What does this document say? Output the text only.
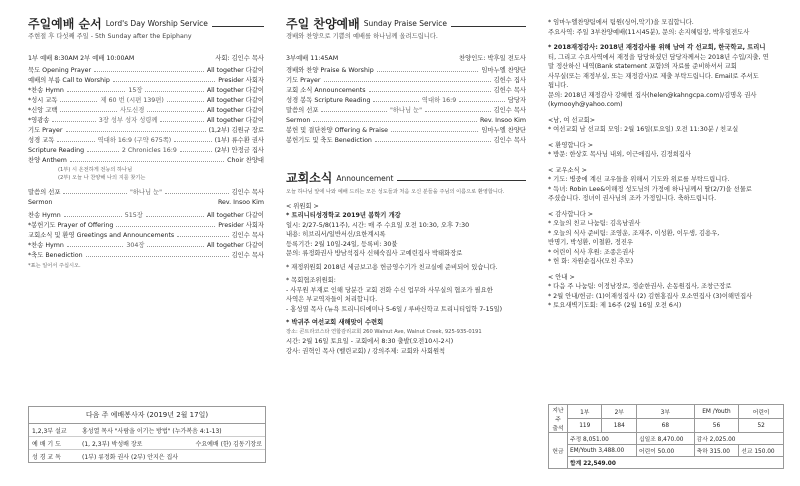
주일예배 순서 Lord's Day Worship Service
주현절 후 다섯째 주일 - 5th Sunday after the Epiphany
1부 예배 8:30AM 2부 예배 10:00AM	사회: 김인수 목사
묵도 Opening Prayer	All together 다같이
예배의 부름 Call to Worship	Presider 사회자
*찬송 Hymn	15장	All together 다같이
*성시 교독	제 60 번 (시편 139편)	All together 다같이
*신앙 고백	사도신경	All together 다같이
*영광송	3장 성부 성자 성령께	All together 다같이
기도 Prayer	(1,2부) 김원규 장로
성경 교독	역대하 16:9 (구약 675쪽)	(1부) 류수환 권사
Scripture Reading	2 Chronicles 16:9	(2부) 안정금 집사
찬양 Anthem	Choir 찬양대
(1부) 시 온전하게 전능의 하나님
(2부) 오늘 나 찬양해 나의 지를 찾기는
말씀의 선포	"하나님 눈"	김인수 목사
Sermon	Rev. Insoo Kim
찬송 Hymn	515장	All together 다같이
*봉헌기도 Prayer of Offering	Presider 사회자
교회소식 및 환영 Greetings and Announcements	김인수 목사
*찬송 Hymn	304장	All together 다같이
*축도 Benediction	김인수 목사
*표는 일어서 주십시오.
다음 주 예배봉사자 (2019년 2월 17일)
1,2,3부 설교	홍성열 목사 "사람을 이기는 방법" (누가복음 4:1-13)
예 배 기 도	(1, 2,3부) 박성배 장로	수요예배 (한) 김동기장로
성 경 교 독	(1부) 류정화 권사 (2부) 안지은 집사
주일 찬양예배 Sunday Praise Service
경배와 찬양으로 기쁨의 예배를 하나님께 올려드립니다.
3부예배 11:45AM	찬양인도: 박후일 전도사
경배와 찬양 Praise & Worship	임마누엘 찬양단
기도 Prayer	김헌수 집사
교회 소식 Announcements	김헌수 목사
성경 봉독 Scripture Reading	역대하 16:9	담당자
말씀의 선포	"하나님 눈"	김인수 목사
Sermon	Rev. Insoo Kim
봉헌 및 결단찬양 Offering & Praise	임마누엘 찬양단
봉헌기도 및 축도 Benediction	김인수 목사
교회소식 Announcement

오늘 하나님 앞에 나와 예배 드리는 모든 성도들과 처음 오신 분들을 주님의 이름으로 환영합니다.

< 위원회 >

* 트리니티성경학교 2019년 봄학기 개강

일시: 2/27-5/8(11주), 시간: 매 주 수요일 오전 10:30, 오후 7:30

내용: 히브리서/일반서신/요한계시록

등록기간: 2월 10일-24일, 등록비: 30불

문의: 류정화권사 방남석집사 신혜숙집사 고예린집사 박태화장로

* 재정위원회 2018년 세금보고용 헌금영수기가 친교실에 준비되어 있습니다.

* 목회협조위원회:

- 사무원 부재로 인해 당분간 교회 전화 수신 업무와 사무실의 협조가 필요한

사역은 부교역자들이 처리합니다.

- 홍성열 목사 (뉴욕 트리니티에미나 5-6일 / 루바신학교 트리니티입학 7-15일)

* 박귀주 여선교회 새해맞이 수련회

장소: 콘트라코스타 연합감리교회 260 Walnut Ave, Walnut Creek, 925-935-0191

시간: 2월 16일 토요일 - 교회에서 8:30 출발(오전10시-2시)

강사: 권혁인 목사 (벨린교회) / 강의주제: 교회와 사회원칙

* 임마누엘찬양팀에서 팀원(싱어,악기)을 모집합니다.

주요사역: 주일 3부찬양예배(11시45분), 문의: 손지혜팀장, 박후일전도사

* 2018재정감사: 2018년 재정감사를 위해 남여 각 선교회, 한국학교, 트리니

티, 그리고 수요사역에서 재정을 담당하셨던 담당자께서는 2018년 수입/지출, 연

말 정산하신 내역(Bank statement 포함)의 자료를 준비하셔서 교회

사무실(또는 재정부실, 또는 재정감사)로 제출 부탁드립니다. Email로 주셔도

됩니다.

문의: 2018년 재정감사 강혜현 집사(helen@kahngcpa.com)/김명옥 권사

(kymooyh@yahoo.com)

<남, 여 선교회>

* 여선교회 남 선교회 모임: 2월 16일(토요일) 오전 11:30분 / 친교실

< 환영합니다 >

* 방문: 한상호 목사님 내외, 이근애집사, 김정희집사

< 교우소식 >

* 기도: 병중에 계신 교우들을 위해서 기도와 위로를 부탁드립니다.

* 득녀: Robin Lee&이해정 성도님의 가정에 하나님께서 딸(2/7)을 선물로

주셨습니다. 정녀이 권사님의 조카 가정입니다. 축하드립니다.

< 감사합니다 >

* 오늘의 친교 나눔팀: 김옥남권사

* 오늘의 식사 준비팀: 조영운, 조재주, 이성환, 이두생, 김용우,

반명기, 박성환, 이철환, 정진우

* 어린이 식사 후원: 조종은권사

* 헌 화: 자원순집사(모친 추모)

< 안내 >

* 다음 주 나눔팀: 이정남장로, 정순한권사, 손동원집사, 조창근장로

* 2월 안내/헌금: (1)이재성집사 (2) 김현홍집사 오소연집사 (3)이해민집사

* 토요새벽기도회: 제 16주 (2월 16일 오전 6시)

지난주
출석	1부	2부	3부	EM /Youth	어린이
	119	184	68	56	52
헌금	주정 8,051.00		십일조 8,470.00	감사 2,025.00	
	EM/Youth 3,488.00		어린이 50.00	축하 315.00	선교 150.00
	합계 22,549.00				
